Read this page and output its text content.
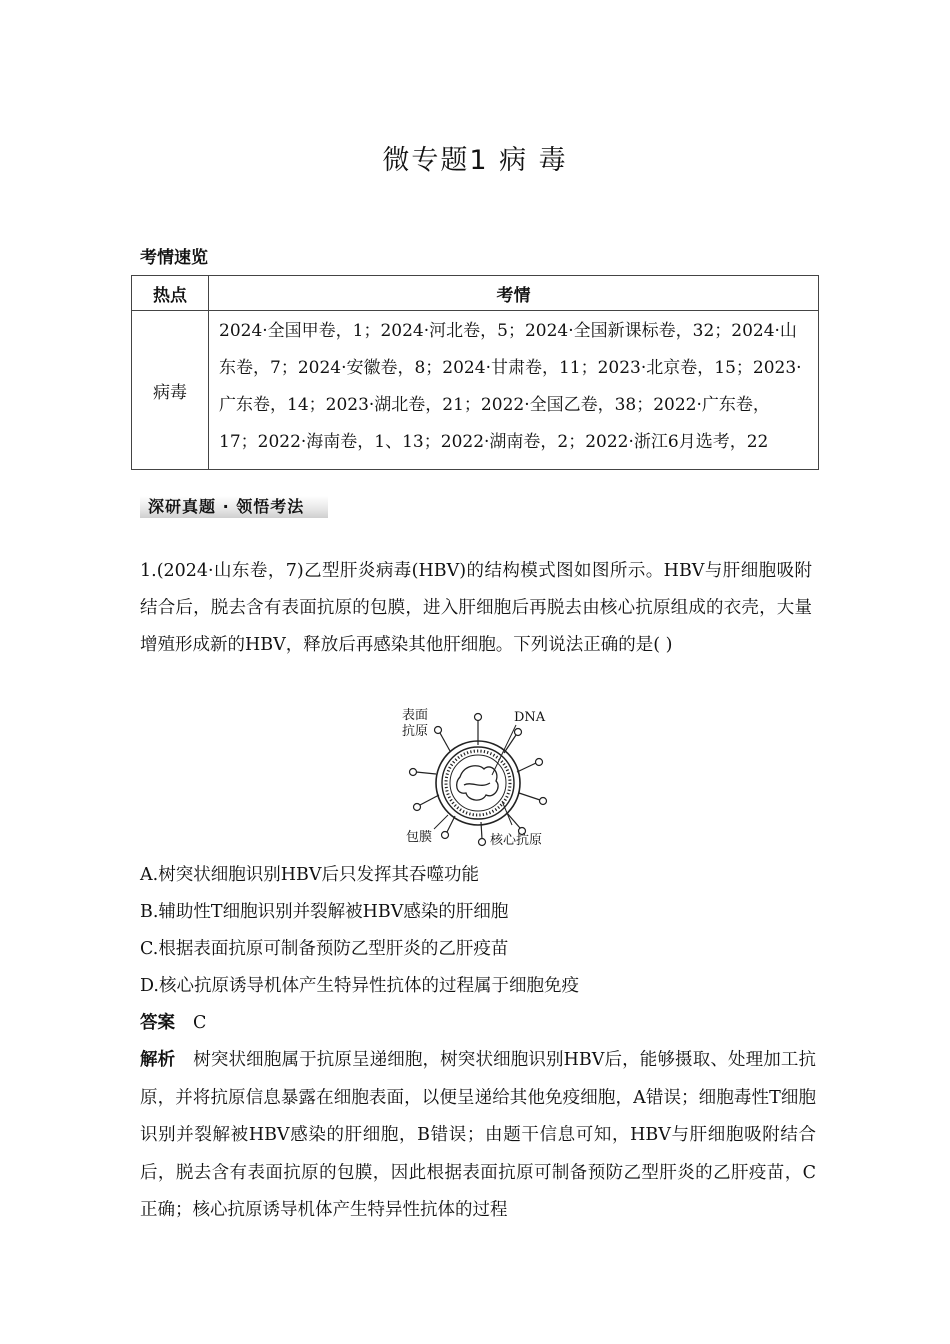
微专题1 病 毒
考情速览
热点	考情
病毒	2024·全国甲卷，1；2024·河北卷，5；2024·全国新课标卷，32；2024·山东卷，7；2024·安徽卷，8；2024·甘肃卷，11；2023·北京卷，15；2023·广东卷，14；2023·湖北卷，21；2022·全国乙卷，38；2022·广东卷，17；2022·海南卷，1、13；2022·湖南卷，2；2022·浙江6月选考，22
深研真题 · 领悟考法
1.(2024·山东卷，7)乙型肝炎病毒(HBV)的结构模式图如图所示。HBV与肝细胞吸附结合后，脱去含有表面抗原的包膜，进入肝细胞后再脱去由核心抗原组成的衣壳，大量增殖形成新的HBV，释放后再感染其他肝细胞。下列说法正确的是( )
表面
抗原
DNA
包膜	核心抗原
A.树突状细胞识别HBV后只发挥其吞噬功能
B.辅助性T细胞识别并裂解被HBV感染的肝细胞
C.根据表面抗原可制备预防乙型肝炎的乙肝疫苗
D.核心抗原诱导机体产生特异性抗体的过程属于细胞免疫
答案 C
解析 树突状细胞属于抗原呈递细胞，树突状细胞识别HBV后，能够摄取、处理加工抗原，并将抗原信息暴露在细胞表面，以便呈递给其他免疫细胞，A错误；细胞毒性T细胞识别并裂解被HBV感染的肝细胞，B错误；由题干信息可知，HBV与肝细胞吸附结合后，脱去含有表面抗原的包膜，因此根据表面抗原可制备预防乙型肝炎的乙肝疫苗，C正确；核心抗原诱导机体产生特异性抗体的过程
